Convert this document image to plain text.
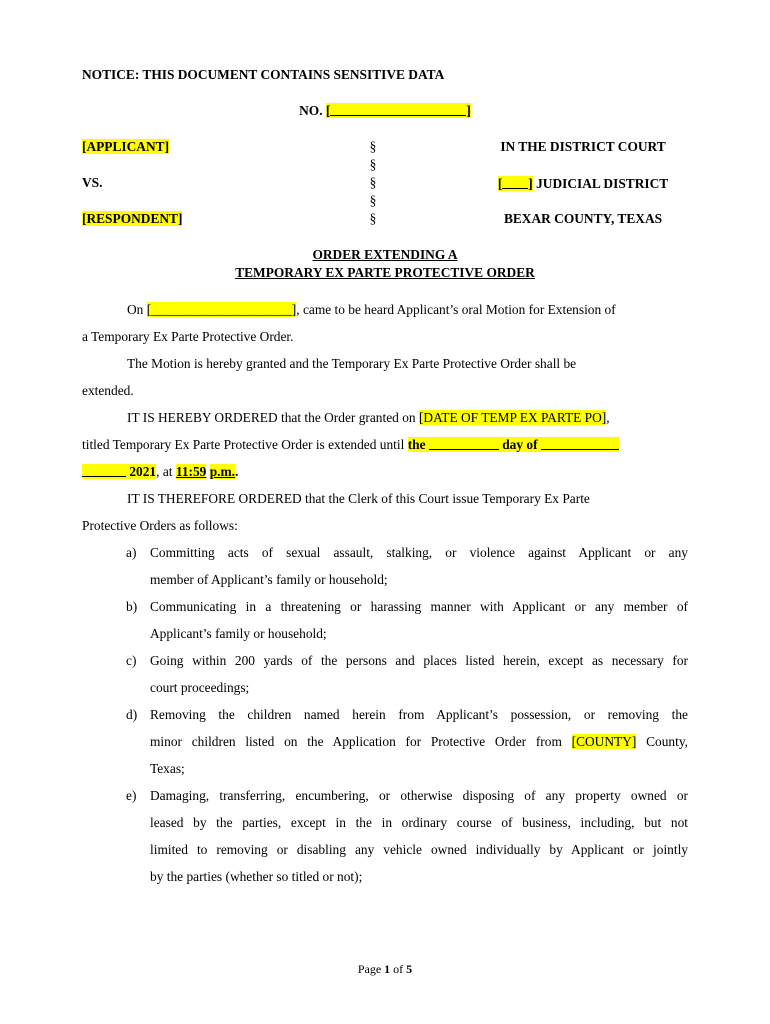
NOTICE: THIS DOCUMENT CONTAINS SENSITIVE DATA
NO. [	]
[APPLICANT]
VS.
[RESPONDENT]
§
§
§
§
§
IN THE DISTRICT COURT
[ ] JUDICIAL DISTRICT
BEXAR COUNTY, TEXAS
ORDER EXTENDING A
TEMPORARY EX PARTE PROTECTIVE ORDER
On [_____________________], came to be heard Applicant’s oral Motion for Extension of
a Temporary Ex Parte Protective Order.
The Motion is hereby granted and the Temporary Ex Parte Protective Order shall be
extended.
IT IS HEREBY ORDERED that the Order granted on [DATE OF TEMP EX PARTE PO],
titled Temporary Ex Parte Protective Order is extended until the	day of
2021, at 11:59 p.m..
IT IS THEREFORE ORDERED that the Clerk of this Court issue Temporary Ex Parte
Protective Orders as follows:
a) Committing acts of sexual assault, stalking, or violence against Applicant or any
member of Applicant’s family or household;
b) Communicating in a threatening or harassing manner with Applicant or any member of
Applicant’s family or household;
c) Going within 200 yards of the persons and places listed herein, except as necessary for
court proceedings;
d) Removing the children named herein from Applicant’s possession, or removing the
minor children listed on the Application for Protective Order from [COUNTY] County,
Texas;
e) Damaging, transferring, encumbering, or otherwise disposing of any property owned or
leased by the parties, except in the in ordinary course of business, including, but not
limited to removing or disabling any vehicle owned individually by Applicant or jointly
by the parties (whether so titled or not);
Page 1 of 5
